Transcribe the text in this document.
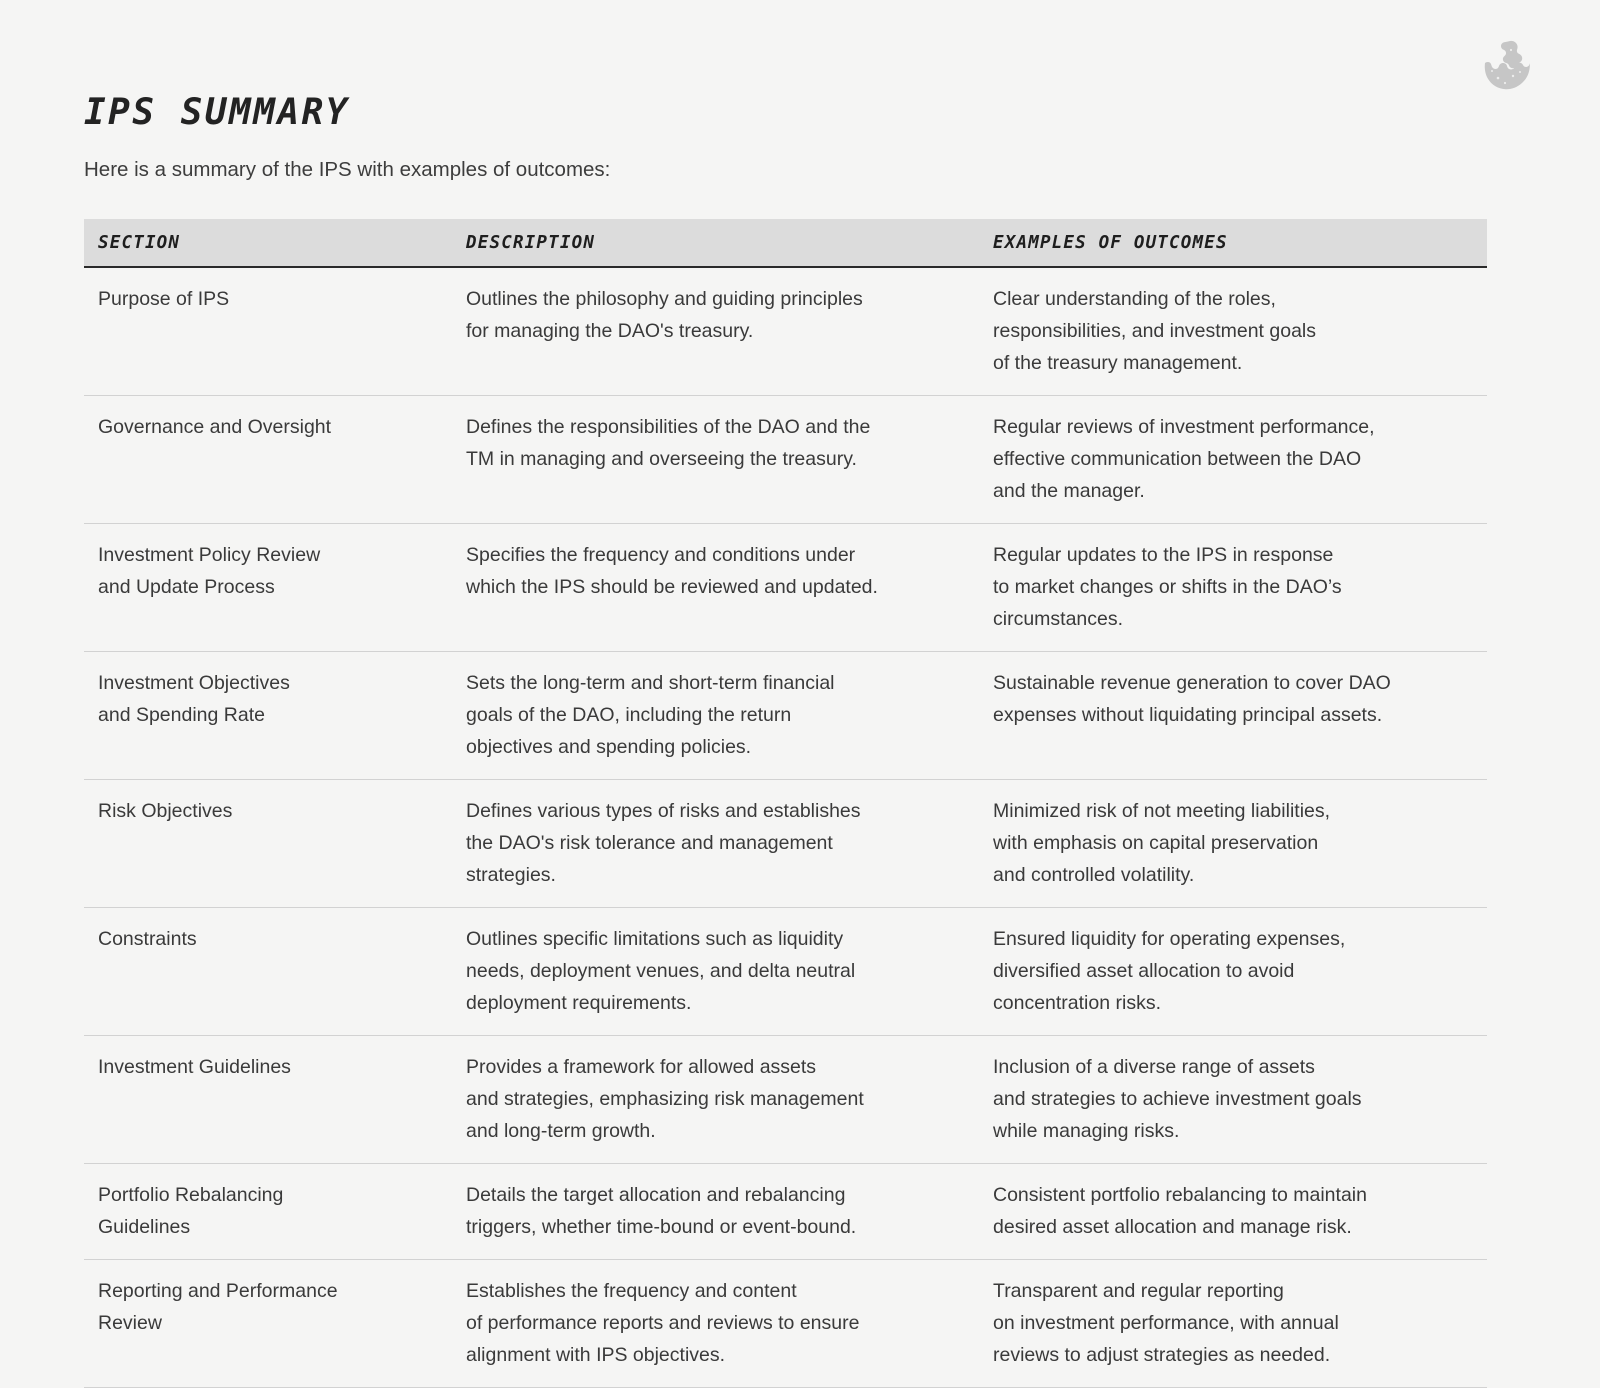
IPS SUMMARY

Here is a summary of the IPS with examples of outcomes:

SECTION	DESCRIPTION	EXAMPLES OF OUTCOMES

Purpose of IPS	Outlines the philosophy and guiding principles
for managing the DAO's treasury.	Clear understanding of the roles,
responsibilities, and investment goals
of the treasury management.

Governance and Oversight	Defines the responsibilities of the DAO and the
TM in managing and overseeing the treasury.	Regular reviews of investment performance,
effective communication between the DAO
and the manager.

Investment Policy Review
and Update Process	Specifies the frequency and conditions under
which the IPS should be reviewed and updated.	Regular updates to the IPS in response
to market changes or shifts in the DAO’s
circumstances.

Investment Objectives
and Spending Rate	Sets the long-term and short-term financial
goals of the DAO, including the return
objectives and spending policies.	Sustainable revenue generation to cover DAO
expenses without liquidating principal assets.

Risk Objectives	Defines various types of risks and establishes
the DAO's risk tolerance and management
strategies.	Minimized risk of not meeting liabilities,
with emphasis on capital preservation
and controlled volatility.

Constraints	Outlines specific limitations such as liquidity
needs, deployment venues, and delta neutral
deployment requirements.	Ensured liquidity for operating expenses,
diversified asset allocation to avoid
concentration risks.

Investment Guidelines	Provides a framework for allowed assets
and strategies, emphasizing risk management
and long-term growth.	Inclusion of a diverse range of assets
and strategies to achieve investment goals
while managing risks.

Portfolio Rebalancing
Guidelines	Details the target allocation and rebalancing
triggers, whether time-bound or event-bound.	Consistent portfolio rebalancing to maintain
desired asset allocation and manage risk.

Reporting and Performance
Review	Establishes the frequency and content
of performance reports and reviews to ensure
alignment with IPS objectives.	Transparent and regular reporting
on investment performance, with annual
reviews to adjust strategies as needed.
